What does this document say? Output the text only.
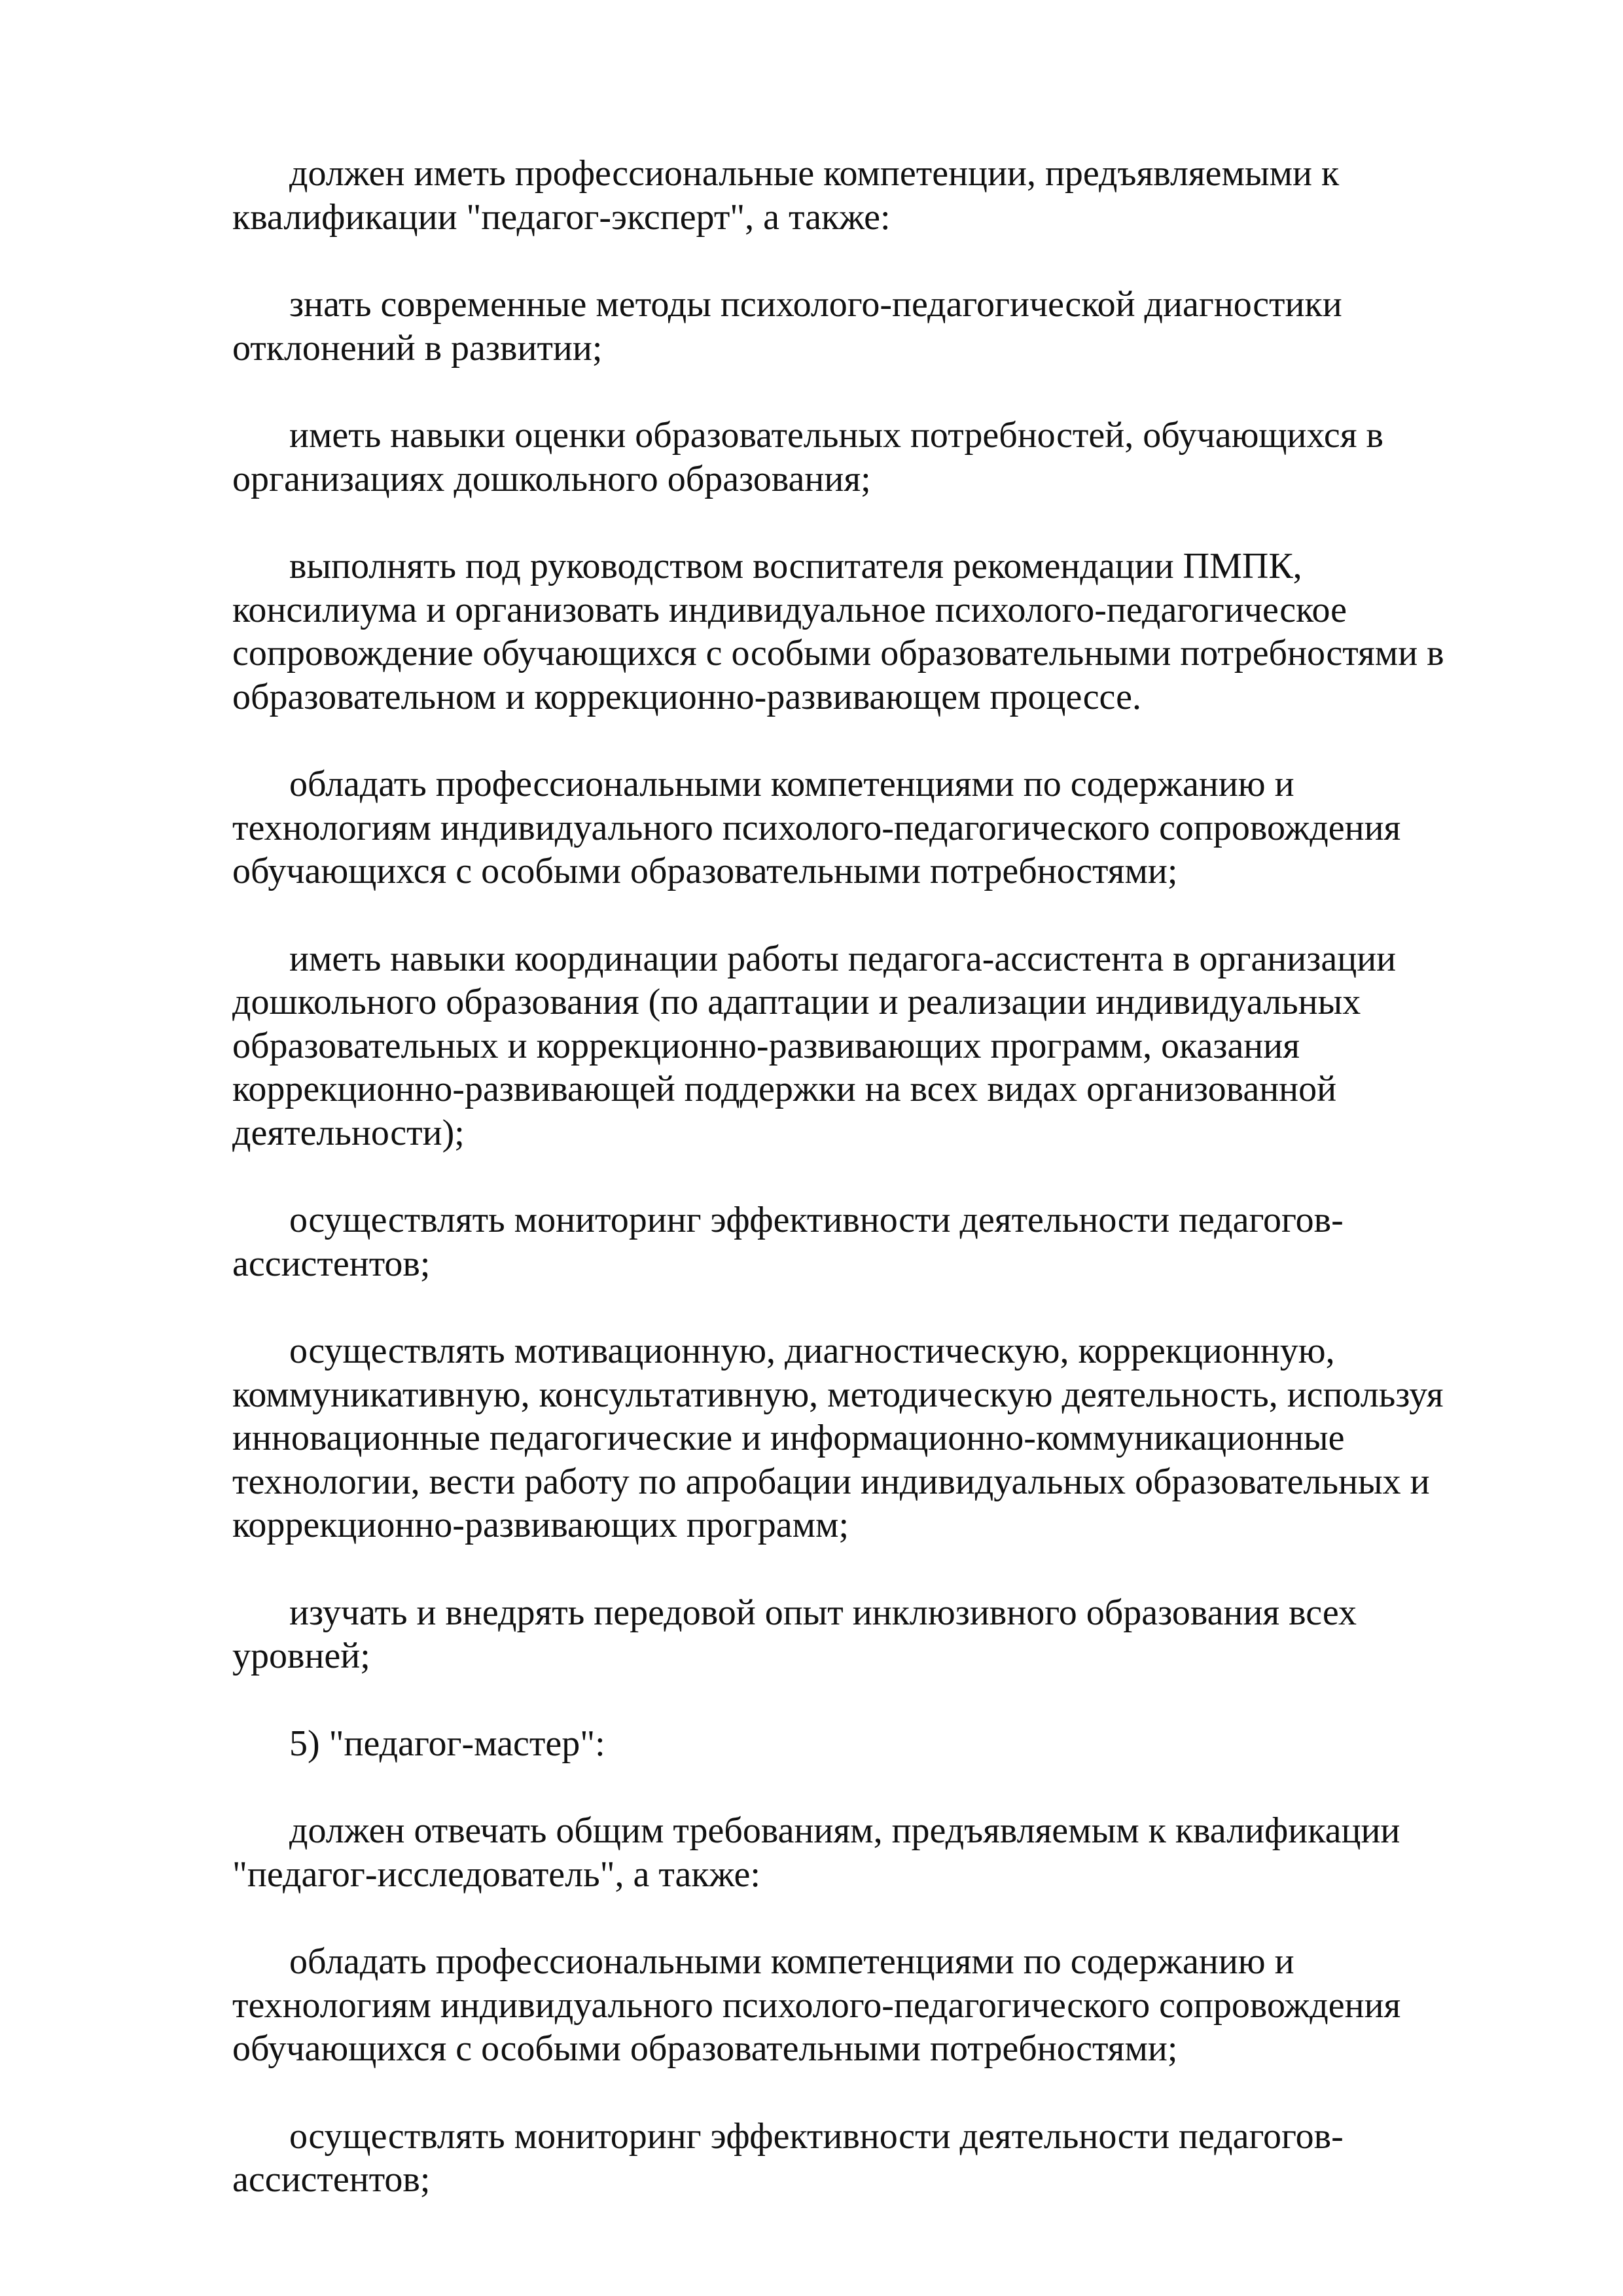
должен иметь профессиональные компетенции, предъявляемыми к
квалификации "педагог-эксперт", а также:

знать современные методы психолого-педагогической диагностики
отклонений в развитии;

иметь навыки оценки образовательных потребностей, обучающихся в
организациях дошкольного образования;

выполнять под руководством воспитателя рекомендации ПМПК,
консилиума и организовать индивидуальное психолого-педагогическое
сопровождение обучающихся с особыми образовательными потребностями в
образовательном и коррекционно-развивающем процессе.

обладать профессиональными компетенциями по содержанию и
технологиям индивидуального психолого-педагогического сопровождения
обучающихся с особыми образовательными потребностями;

иметь навыки координации работы педагога-ассистента в организации
дошкольного образования (по адаптации и реализации индивидуальных
образовательных и коррекционно-развивающих программ, оказания
коррекционно-развивающей поддержки на всех видах организованной
деятельности);

осуществлять мониторинг эффективности деятельности педагогов-
ассистентов;

осуществлять мотивационную, диагностическую, коррекционную,
коммуникативную, консультативную, методическую деятельность, используя
инновационные педагогические и информационно-коммуникационные
технологии, вести работу по апробации индивидуальных образовательных и
коррекционно-развивающих программ;

изучать и внедрять передовой опыт инклюзивного образования всех
уровней;

5) "педагог-мастер":

должен отвечать общим требованиям, предъявляемым к квалификации
"педагог-исследователь", а также:

обладать профессиональными компетенциями по содержанию и
технологиям индивидуального психолого-педагогического сопровождения
обучающихся с особыми образовательными потребностями;

осуществлять мониторинг эффективности деятельности педагогов-
ассистентов;
